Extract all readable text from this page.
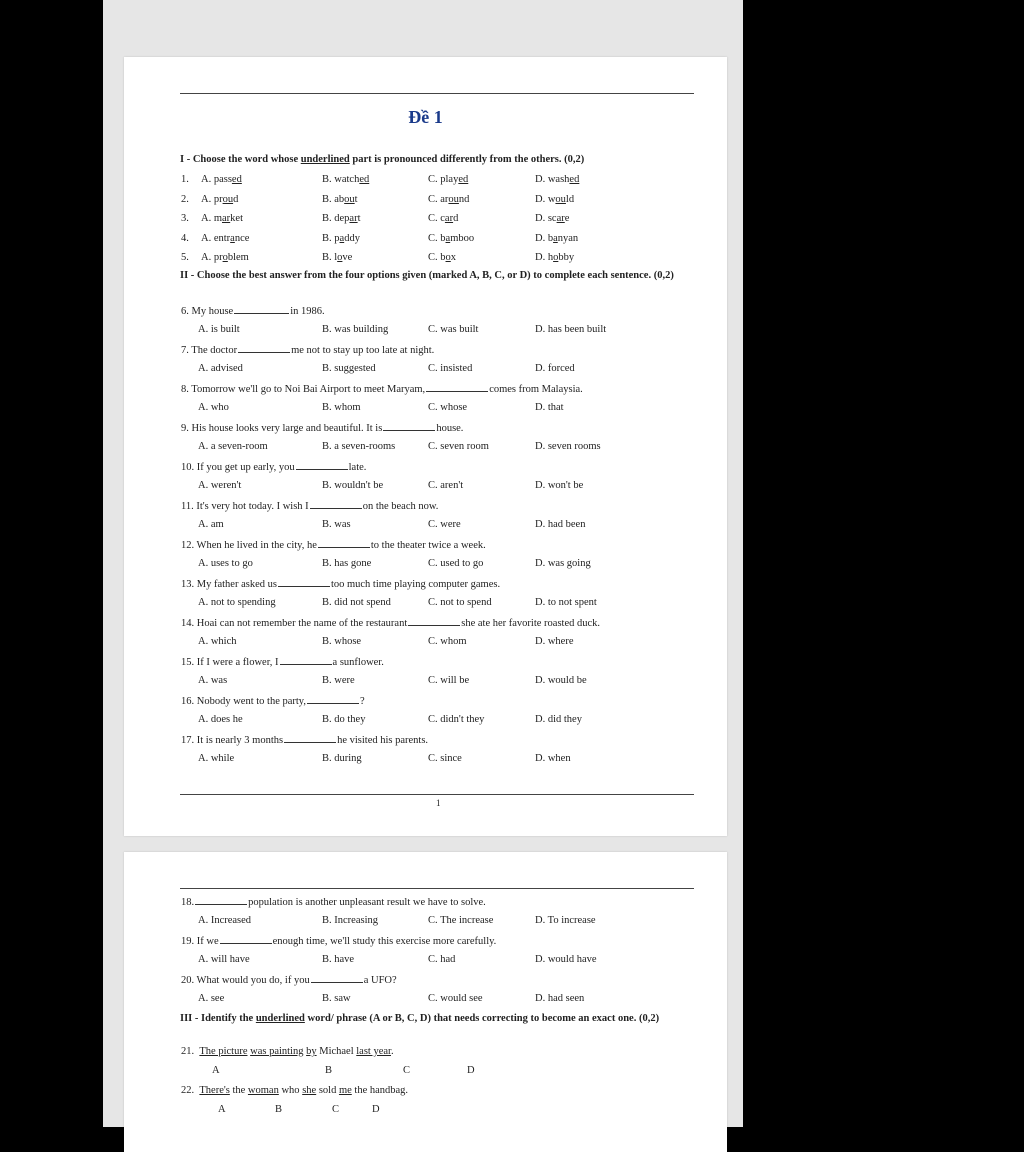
Đề 1
I - Choose the word whose underlined part is pronounced differently from the others. (0,2)
1. A. passed	B. watched	C. played	D. washed
2. A. proud	B. about	C. around	D. would
3. A. market	B. depart	C. card	D. scare
4. A. entrance	B. paddy	C. bamboo	D. banyan
5. A. problem	B. love	C. box	D. hobby
II - Choose the best answer from the four options given (marked A, B, C, or D) to complete each sentence. (0,2)
6. My house	in 1986.
A. is built	B. was building	C. was built	D. has been built
7. The doctor	me not to stay up too late at night.
A. advised	B. suggested	C. insisted	D. forced
8. Tomorrow we'll go to Noi Bai Airport to meet Maryam,	comes from Malaysia.
A. who	B. whom	C. whose	D. that
9. His house looks very large and beautiful. It is	house.
A. a seven-room	B. a seven-rooms	C. seven room	D. seven rooms
10. If you get up early, you	late.
A. weren't	B. wouldn't be	C. aren't	D. won't be
11. It's very hot today. I wish I	on the beach now.
A. am	B. was	C. were	D. had been
12. When he lived in the city, he	to the theater twice a week.
A. uses to go	B. has gone	C. used to go	D. was going
13. My father asked us	too much time playing computer games.
A. not to spending	B. did not spend	C. not to spend	D. to not spent
14. Hoai can not remember the name of the restaurant	she ate her favorite roasted duck.
A. which	B. whose	C. whom	D. where
15. If I were a flower, I	a sunflower.
A. was	B. were	C. will be	D. would be
16. Nobody went to the party,	?
A. does he	B. do they	C. didn't they	D. did they
17. It is nearly 3 months	he visited his parents.
A. while	B. during	C. since	D. when
1
18.	population is another unpleasant result we have to solve.
A. Increased	B. Increasing	C. The increase	D. To increase
19. If we	enough time, we'll study this exercise more carefully.
A. will have	B. have	C. had	D. would have
20. What would you do, if you	a UFO?
A. see	B. saw	C. would see	D. had seen
III - Identify the underlined word/ phrase (A or B, C, D) that needs correcting to become an exact one. (0,2)
21. The picture was painting by Michael last year.
A	B	C	D
22. There's the woman who she sold me the handbag.
A	B	C	D
